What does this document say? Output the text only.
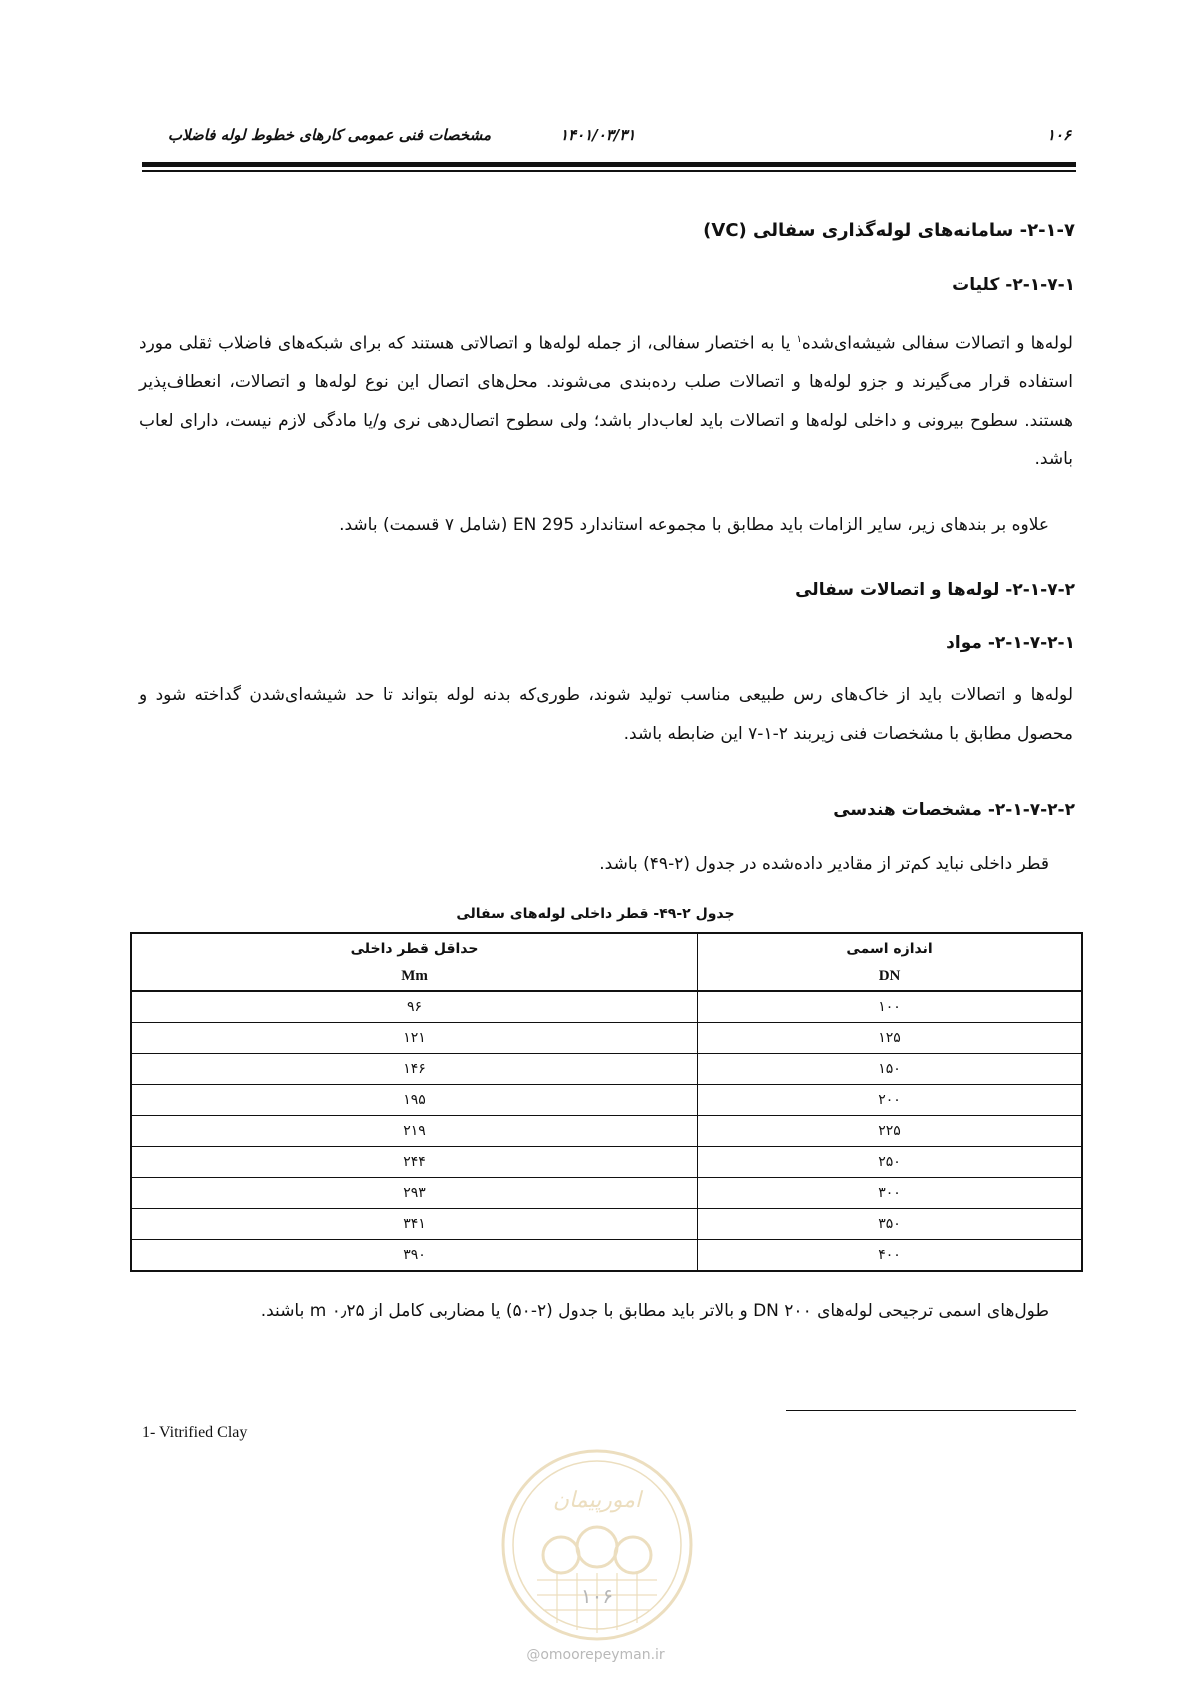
مشخصات فنی عمومی کارهای خطوط لوله فاضلاب	۱۴۰۱/۰۳/۳۱	۱۰۶
۲-۱-۷- سامانه‌های لوله‌گذاری سفالی (VC)
۲-۱-۷-۱- کلیات
لوله‌ها و اتصالات سفالی شیشه‌ای‌شده$^۱$ یا به اختصار سفالی، از جمله لوله‌ها و اتصالاتی هستند که برای شبکه‌های فاضلاب ثقلی مورد استفاده قرار می‌گیرند و جزو لوله‌ها و اتصالات صلب رده‌بندی می‌شوند. محل‌های اتصال این نوع لوله‌ها و اتصالات، انعطاف‌پذیر هستند. سطوح بیرونی و داخلی لوله‌ها و اتصالات باید لعاب‌دار باشد؛ ولی سطوح اتصال‌دهی نری و/یا مادگی لازم نیست، دارای لعاب باشد.
علاوه بر بندهای زیر، سایر الزامات باید مطابق با مجموعه استاندارد EN 295 (شامل ۷ قسمت) باشد.
۲-۱-۷-۲- لوله‌ها و اتصالات سفالی
۲-۱-۷-۲-۱- مواد
لوله‌ها و اتصالات باید از خاک‌های رس طبیعی مناسب تولید شوند، طوری‌که بدنه لوله بتواند تا حد شیشه‌ای‌شدن گداخته شود و محصول مطابق با مشخصات فنی زیربند ۲-۱-۷ این ضابطه باشد.
۲-۱-۷-۲-۲- مشخصات هندسی
قطر داخلی نباید کم‌تر از مقادیر داده‌شده در جدول (۲-۴۹) باشد.
جدول ۲-۴۹- قطر داخلی لوله‌های سفالی
اندازه اسمی	حداقل قطر داخلی
DN	Mm
۱۰۰	۹۶
۱۲۵	۱۲۱
۱۵۰	۱۴۶
۲۰۰	۱۹۵
۲۲۵	۲۱۹
۲۵۰	۲۴۴
۳۰۰	۲۹۳
۳۵۰	۳۴۱
۴۰۰	۳۹۰
طول‌های اسمی ترجیحی لوله‌های DN ۲۰۰ و بالاتر باید مطابق با جدول (۲-۵۰) یا مضاربی کامل از ۰٫۲۵ m باشند.
1- Vitrified Clay
امورپیمان
۱۰۶
@omoorepeyman.ir
